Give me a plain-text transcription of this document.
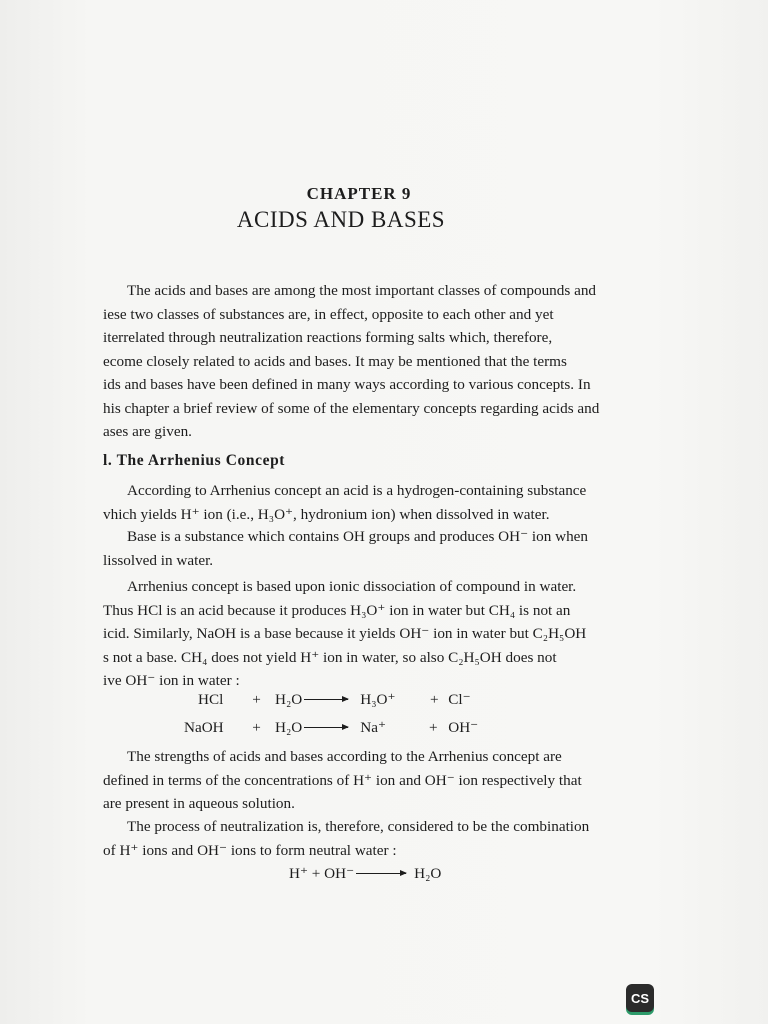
CHAPTER 9
ACIDS AND BASES
The acids and bases are among the most important classes of compounds and
iese two classes of substances are, in effect, opposite to each other and yet
iterrelated through neutralization reactions forming salts which, therefore,
ecome closely related to acids and bases. It may be mentioned that the terms
ids and bases have been defined in many ways according to various concepts. In
his chapter a brief review of some of the elementary concepts regarding acids and
ases are given.
l. The Arrhenius Concept
According to Arrhenius concept an acid is a hydrogen-containing substance
vhich yields H⁺ ion (i.e., H₃O⁺, hydronium ion) when dissolved in water.
Base is a substance which contains OH groups and produces OH⁻ ion when
lissolved in water.
Arrhenius concept is based upon ionic dissociation of compound in water.
Thus HCl is an acid because it produces H₃O⁺ ion in water but CH₄ is not an
icid. Similarly, NaOH is a base because it yields OH⁻ ion in water but C₂H₅OH
s not a base. CH₄ does not yield H⁺ ion in water, so also C₂H₅OH does not
ive OH⁻ ion in water :
HCl	+ H₂O → H₃O⁺	+ Cl⁻
NaOH	+ H₂O → Na⁺	+ OH⁻
The strengths of acids and bases according to the Arrhenius concept are
defined in terms of the concentrations of H⁺ ion and OH⁻ ion respectively that
are present in aqueous solution.
The process of neutralization is, therefore, considered to be the combination
of H⁺ ions and OH⁻ ions to form neutral water :
H⁺ + OH⁻ → H₂O
CS
